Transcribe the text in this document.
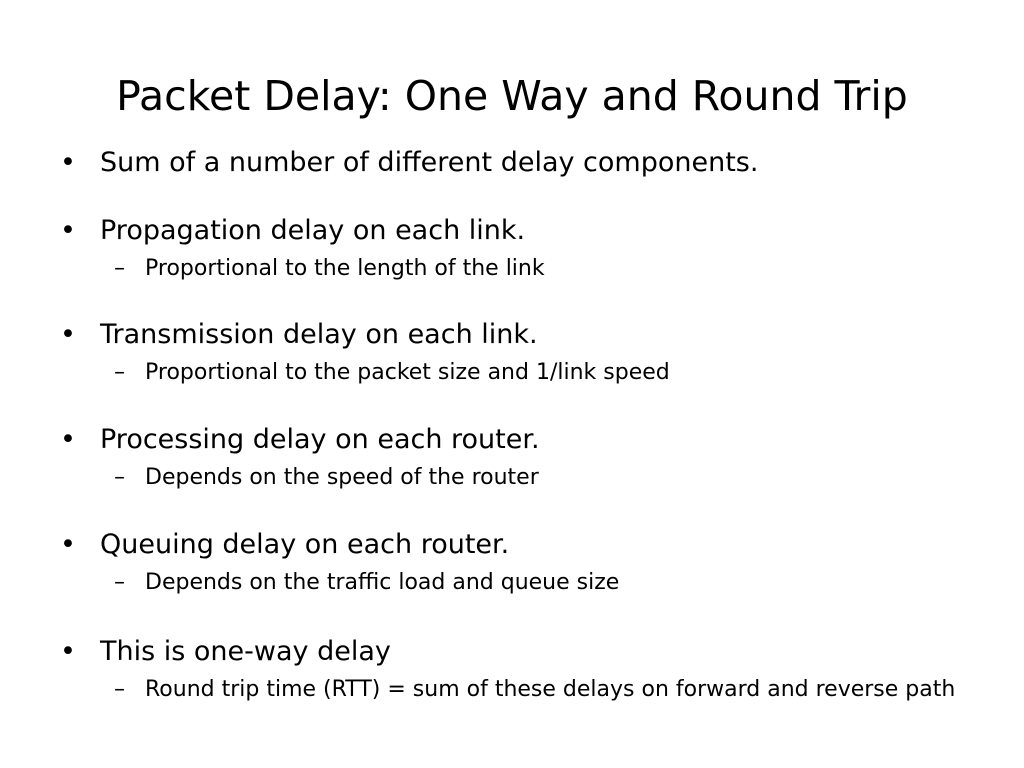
Packet Delay: One Way and Round Trip
• Sum of a number of different delay components.
• Propagation delay on each link.
– Proportional to the length of the link
• Transmission delay on each link.
– Proportional to the packet size and 1/link speed
• Processing delay on each router.
– Depends on the speed of the router
• Queuing delay on each router.
– Depends on the traffic load and queue size
• This is one-way delay
– Round trip time (RTT) = sum of these delays on forward and reverse path
